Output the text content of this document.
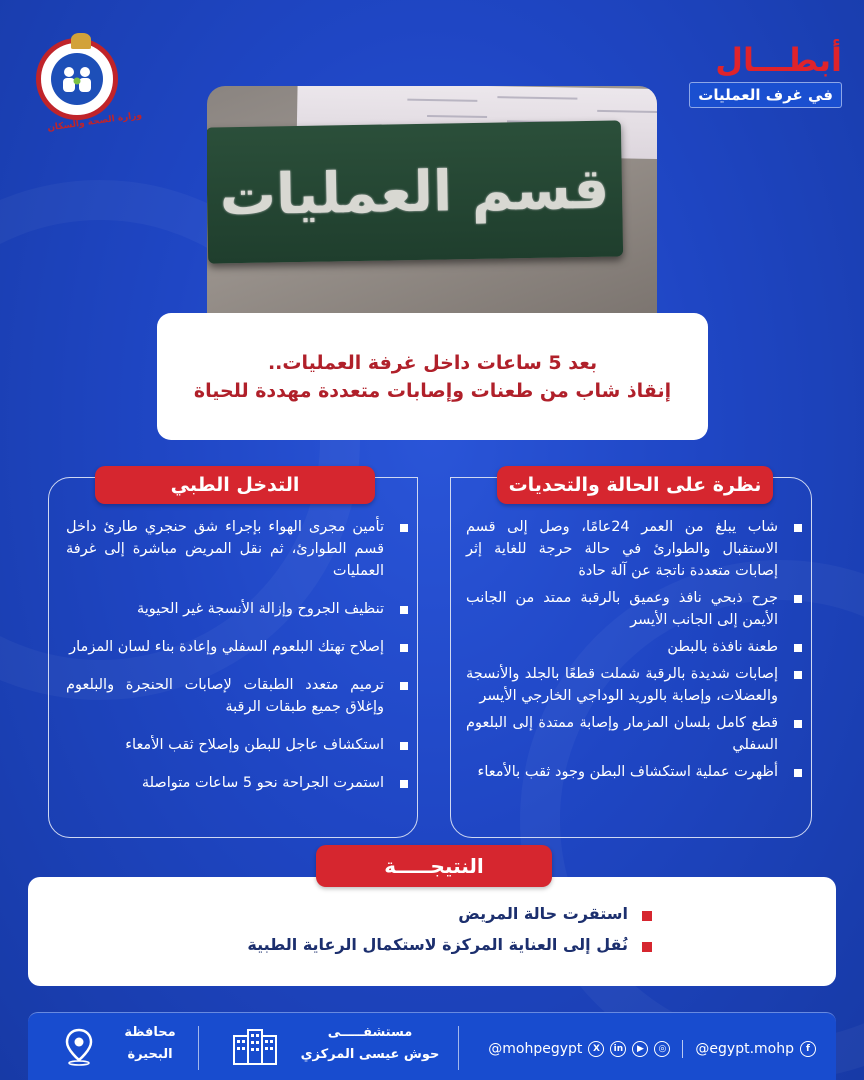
وزارة الصحة والسكان
أبطـــال
في غرف العمليات
قسم العمليات
بعد 5 ساعات داخل غرفة العمليات..
إنقاذ شاب من طعنات وإصابات متعددة مهددة للحياة
التدخل الطبي	نظرة على الحالة والتحديات
تأمين مجرى الهواء بإجراء شق حنجري طارئ داخل قسم الطوارئ، ثم نقل المريض مباشرة إلى غرفة العمليات
تنظيف الجروح وإزالة الأنسجة غير الحيوية
إصلاح تهتك البلعوم السفلي وإعادة بناء لسان المزمار
ترميم متعدد الطبقات لإصابات الحنجرة والبلعوم وإغلاق جميع طبقات الرقبة
استكشاف عاجل للبطن وإصلاح ثقب الأمعاء
استمرت الجراحة نحو 5 ساعات متواصلة
شاب يبلغ من العمر 24عامًا، وصل إلى قسم الاستقبال والطوارئ في حالة حرجة للغاية إثر إصابات متعددة ناتجة عن آلة حادة
جرح ذبحي نافذ وعميق بالرقبة ممتد من الجانب الأيمن إلى الجانب الأيسر
طعنة نافذة بالبطن
إصابات شديدة بالرقبة شملت قطعًا بالجلد والأنسجة والعضلات، وإصابة بالوريد الوداجي الخارجي الأيسر
قطع كامل بلسان المزمار وإصابة ممتدة إلى البلعوم السفلي
أظهرت عملية استكشاف البطن وجود ثقب بالأمعاء
النتيجـــــة
استقرت حالة المريض
نُقل إلى العناية المركزة لاستكمال الرعاية الطبية
@mohpegypt	X	in	▶	◎ @egypt.mohp	f
مستشفـــــى
حوش عيسى المركزي
محافظة
البحيرة
